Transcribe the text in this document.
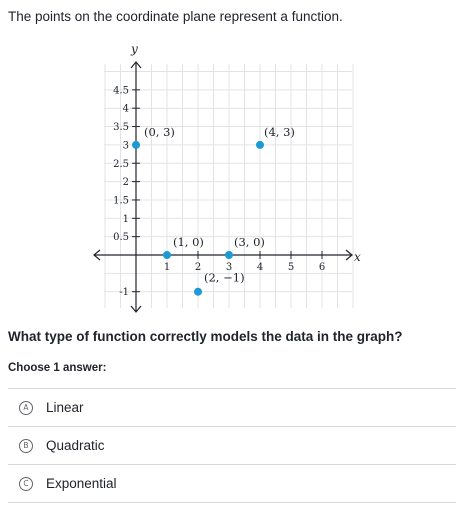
The points on the coordinate plane represent a function.
1 2 3 4 5 6
-1
0.5
1
1.5
2
2.5
3
3.5
4
4.5
x
y
(0, 3)
(1, 0)
(2, −1)
(3, 0)
(4, 3)
What type of function correctly models the data in the graph?
Choose 1 answer:
A	Linear
B	Quadratic
C	Exponential
